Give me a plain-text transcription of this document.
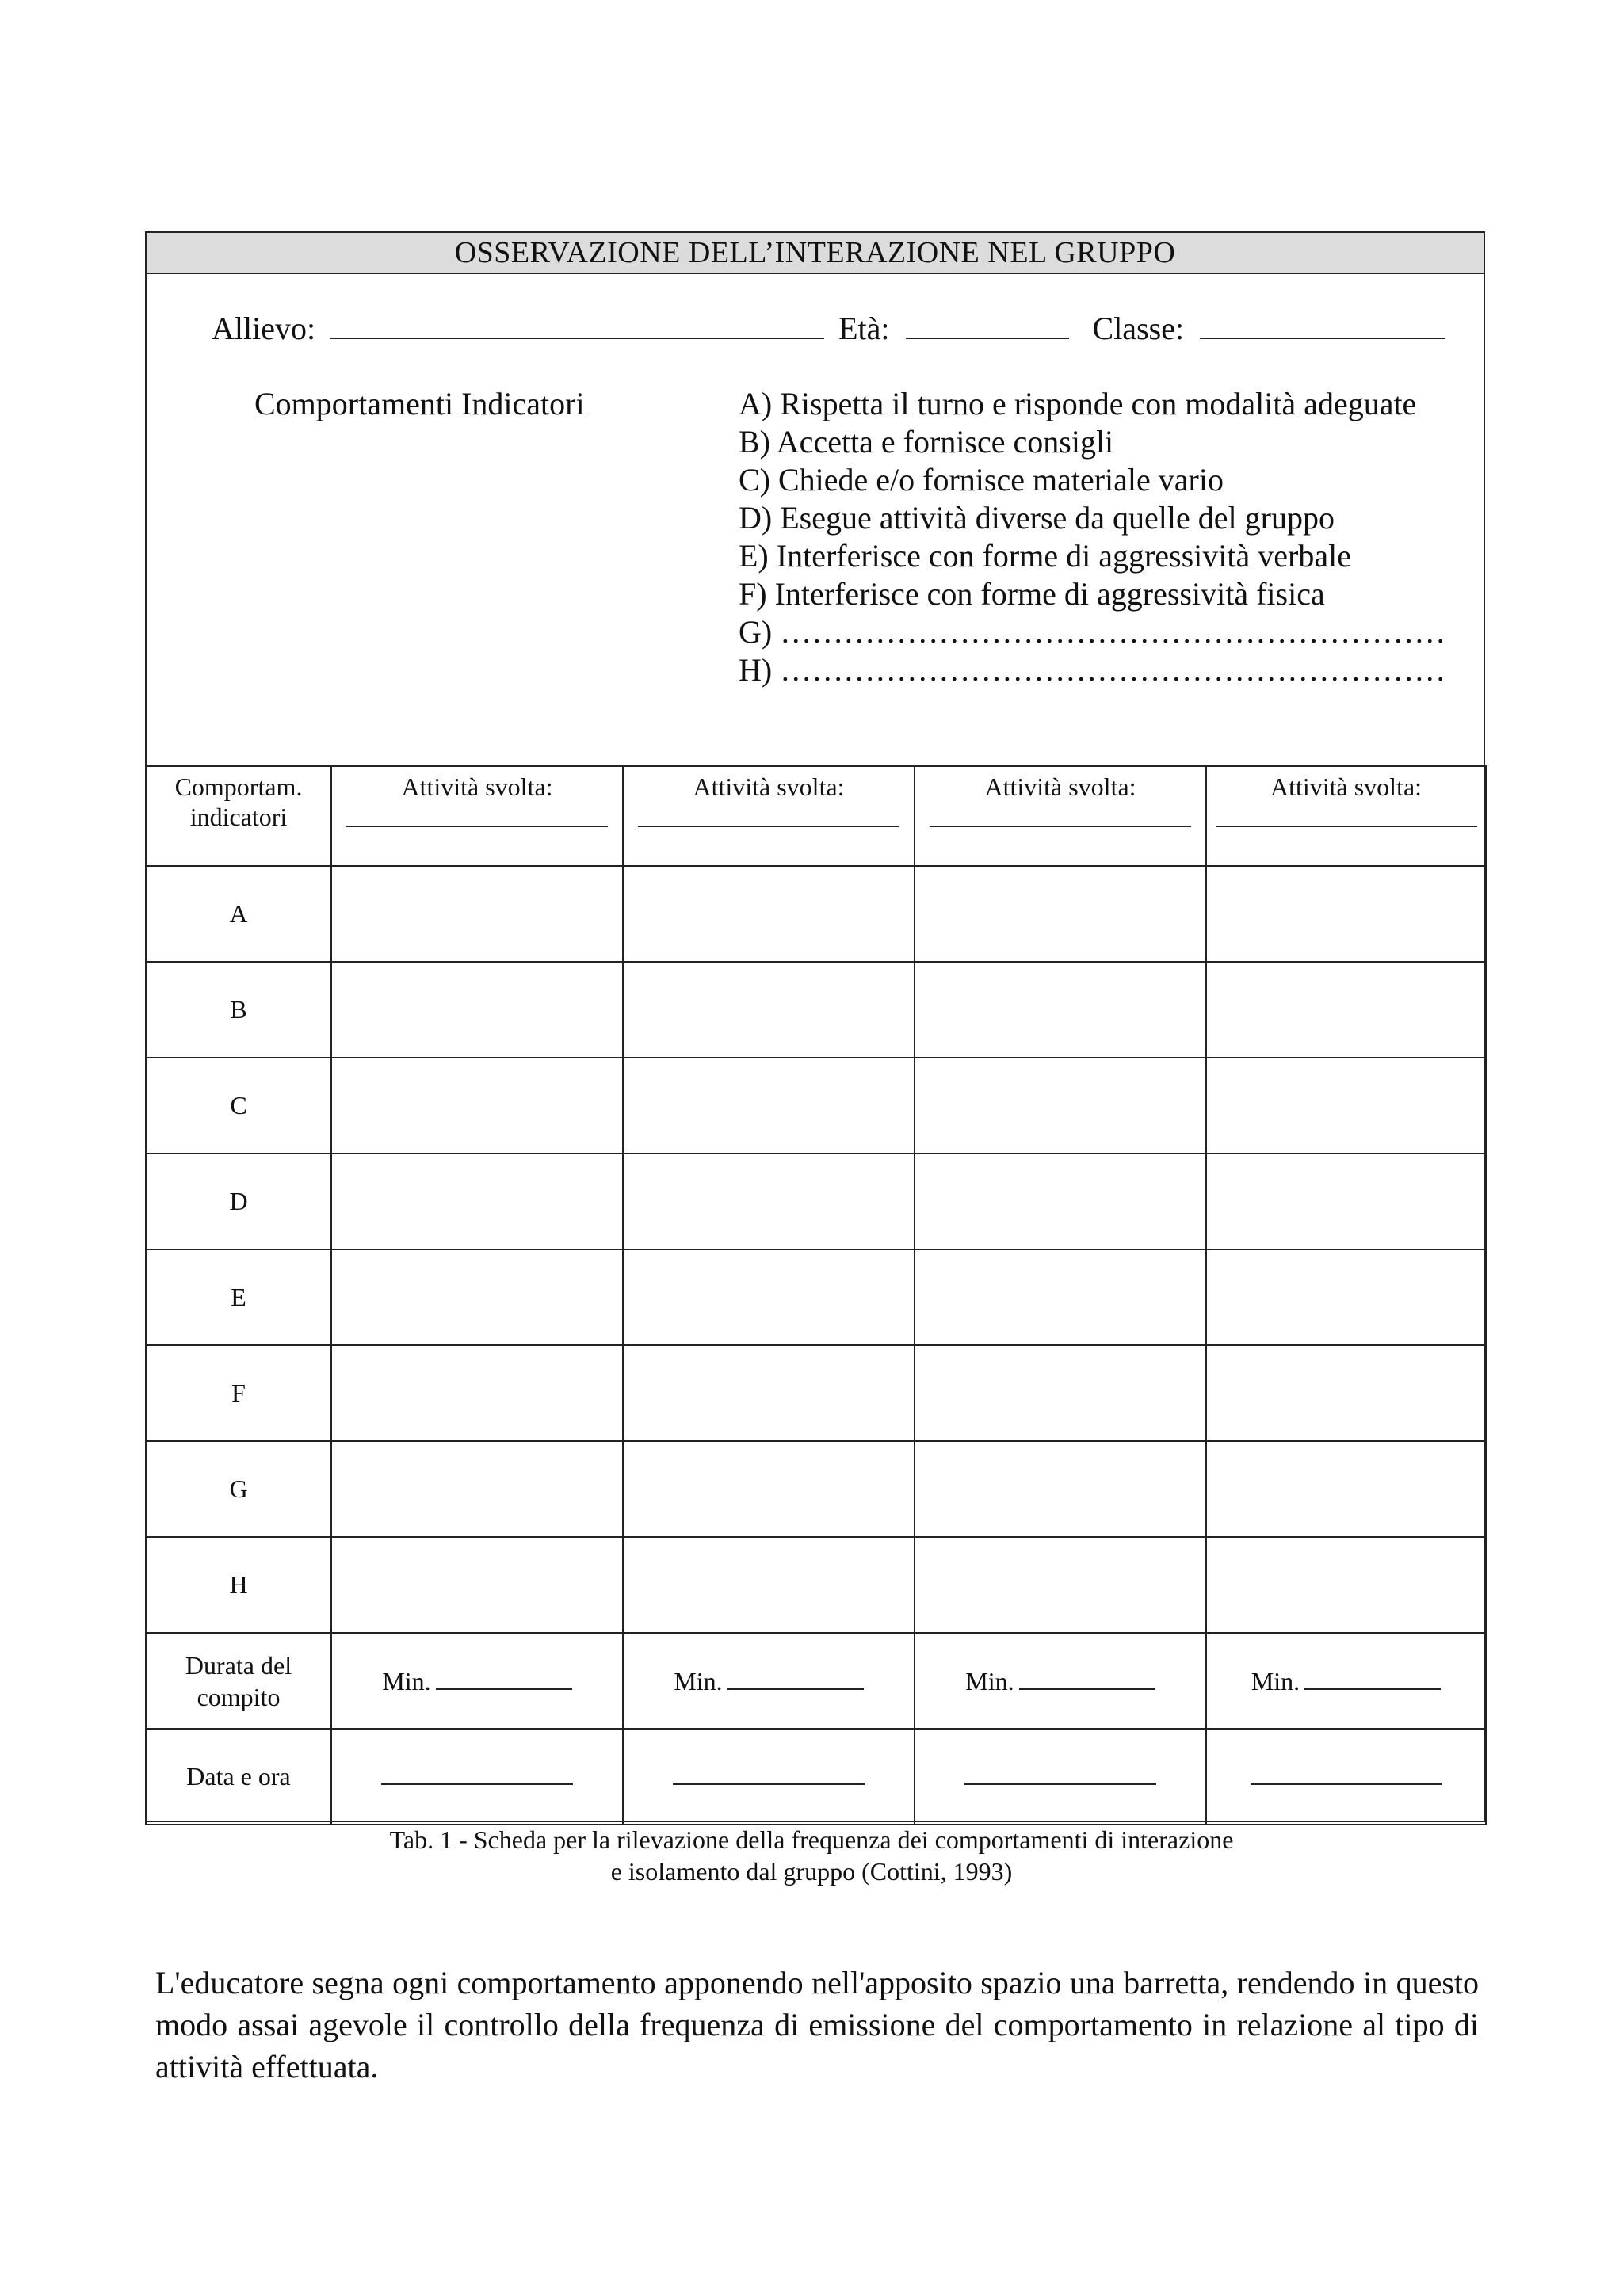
OSSERVAZIONE DELL’INTERAZIONE NEL GRUPPO
Allievo:	Età:	Classe:
Comportamenti Indicatori	A) Rispetta il turno e risponde con modalità adeguate
B) Accetta e fornisce consigli
C) Chiede e/o fornisce materiale vario
D) Esegue attività diverse da quelle del gruppo
E) Interferisce con forme di aggressività verbale
F) Interferisce con forme di aggressività fisica
G) ………………………………………………………
H) ………………………………………………………
Comportam. indicatori	Attività svolta:	Attività svolta:	Attività svolta:	Attività svolta:

A				
B				
C				
D				
E				
F				
G				
H				
Durata del compito	Min.	Min.	Min.	Min.
Data e ora				
Tab. 1 - Scheda per la rilevazione della frequenza dei comportamenti di interazione
e isolamento dal gruppo (Cottini, 1993)

L'educatore segna ogni comportamento apponendo nell'apposito spazio una barretta, rendendo in questo modo assai agevole il controllo della frequenza di emissione del comportamento in relazione al tipo di attività effettuata.
